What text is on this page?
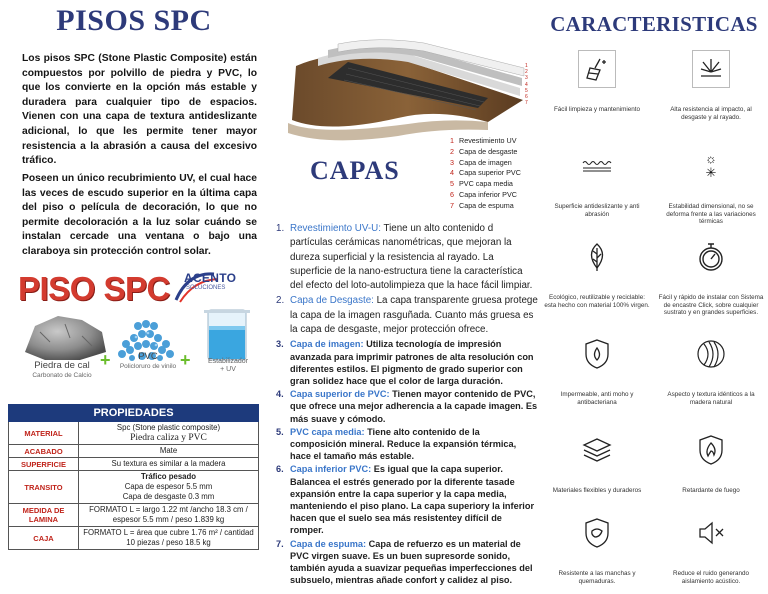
PISOS SPC

Los pisos SPC (Stone Plastic Composite) están compuestos por polvillo de piedra y PVC, lo que los convierte en la opción más estable y duradera para cualquier tipo de espacios. Vienen con una capa de textura antideslizante adicional, lo que les permite tener mayor resistencia a la abrasión a causa del excesivo tráfico.

Poseen un único recubrimiento UV, el cual hace las veces de escudo superior en la última capa del piso o película de decoración, lo que no permite decoloración a la luz solar cuándo se instalan cercade una ventana o bajo una claraboya sin protección control solar.

PISO SPC ACENTO
SOLUCIONES
+	+
Piedra de cal
Carbonato de Calcio
PVC
Policloruro de vinilo
Estabilizador
+ UV
PROPIEDADES	
MATERIAL	Spc (Stone plastic composite)
Piedra caliza y PVC

ACABADO	Mate
SUPERFICIE	Su textura es similar a la madera
TRANSITO	Tráfico pesado
Capa de espesor 5.5 mm
Capa de desgaste 0.3 mm

MEDIDA DE LAMINA	FORMATO L = largo 1.22 mt /ancho 18.3 cm / espesor 5.5 mm / peso 1.839 kg
CAJA	FORMATO L = área que cubre 1.76 m² / cantidad 10 piezas / peso 18.5 kg
1
2
3
4
5
6
7
CAPAS
1 Revestimiento UV
2 Capa de desgaste
3 Capa de imagen
4 Capa superior PVC
5 PVC capa media
6 Capa inferior PVC
7 Capa de espuma
1. Revestimiento UV-U: Tiene un alto contenido d partículas cerámicas nanométricas, que mejoran la dureza superficial y la resistencia al rayado. La superficie de la nano-estructura tiene la característica del efecto del loto-autolimpieza que la hace fácil limpiar.
2. Capa de Desgaste: La capa transparente gruesa protege la capa de la imagen rasguñada. Cuanto más gruesa es la capa de desgaste, mejor protección ofrece.
3. Capa de imagen: Utiliza tecnología de impresión avanzada para imprimir patrones de alta resolución con diferentes estilos. El pigmento de grado superior con gran solidez hace que el color de larga duración.
4. Capa superior de PVC: Tienen mayor contenido de PVC, que ofrece una mejor adherencia a la capade imagen. Es más suave y cómodo.
5. PVC capa media: Tiene alto contenido de la composición mineral. Reduce la expansión térmica, hace el tamaño más estable.
6. Capa inferior PVC: Es igual que la capa superior. Balancea el estrés generado por la diferente tasade expansión entre la capa superior y la capa media, manteniendo el piso plano. La capa superiory la inferior hacen que el suelo sea más resistentey difícil de romper.
7. Capa de espuma: Capa de refuerzo es un material de PVC virgen suave. Es un buen supresorde sonido, también ayuda a suavizar pequeñas imperfecciones del subsuelo, mientras añade confort y calidez al piso.
CARACTERISTICAS
Fácil limpieza y mantenimiento	Alta resistencia al impacto, al desgaste y al rayado.
Superficie antideslizante y anti abrasión
☼
✳
Estabilidad dimensional, no se deforma frente a las variaciones térmicas
Ecológico, reutilizable y reciclable: esta hecho con material 100% virgen.
Fácil y rápido de instalar con Sistema de encastre Click, sobre cualquier sustrato y en grandes superficies.
Impermeable, anti moho y antibacteriana
Aspecto y textura idénticos a la madera natural
Materiales flexibles y duraderos	Retardante de fuego
Resistente a las manchas y quemaduras.
Reduce el ruido generando aislamiento acústico.
